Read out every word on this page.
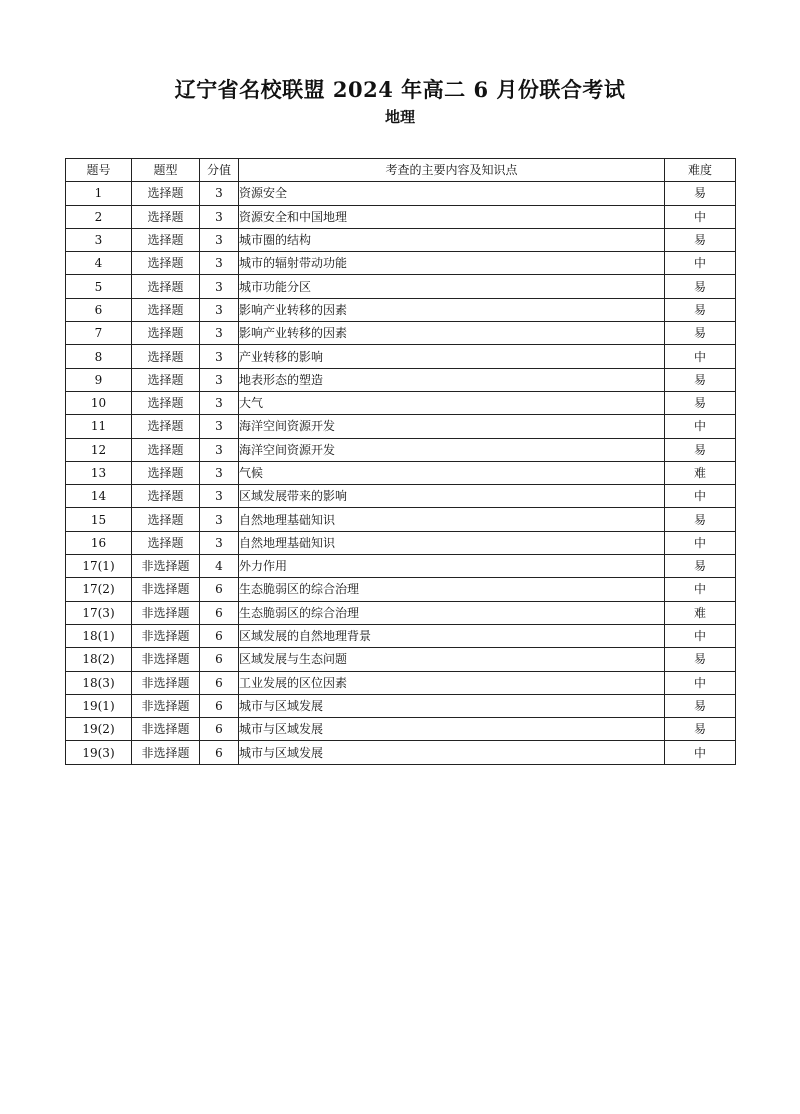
辽宁省名校联盟 2024 年高二 6 月份联合考试
地理
题号	题型	分值	考查的主要内容及知识点	难度
1	选择题	3	资源安全	易
2	选择题	3	资源安全和中国地理	中
3	选择题	3	城市圈的结构	易
4	选择题	3	城市的辐射带动功能	中
5	选择题	3	城市功能分区	易
6	选择题	3	影响产业转移的因素	易
7	选择题	3	影响产业转移的因素	易
8	选择题	3	产业转移的影响	中
9	选择题	3	地表形态的塑造	易
10	选择题	3	大气	易
11	选择题	3	海洋空间资源开发	中
12	选择题	3	海洋空间资源开发	易
13	选择题	3	气候	难
14	选择题	3	区域发展带来的影响	中
15	选择题	3	自然地理基础知识	易
16	选择题	3	自然地理基础知识	中
17(1)	非选择题	4	外力作用	易
17(2)	非选择题	6	生态脆弱区的综合治理	中
17(3)	非选择题	6	生态脆弱区的综合治理	难
18(1)	非选择题	6	区域发展的自然地理背景	中
18(2)	非选择题	6	区域发展与生态问题	易
18(3)	非选择题	6	工业发展的区位因素	中
19(1)	非选择题	6	城市与区域发展	易
19(2)	非选择题	6	城市与区域发展	易
19(3)	非选择题	6	城市与区域发展	中
